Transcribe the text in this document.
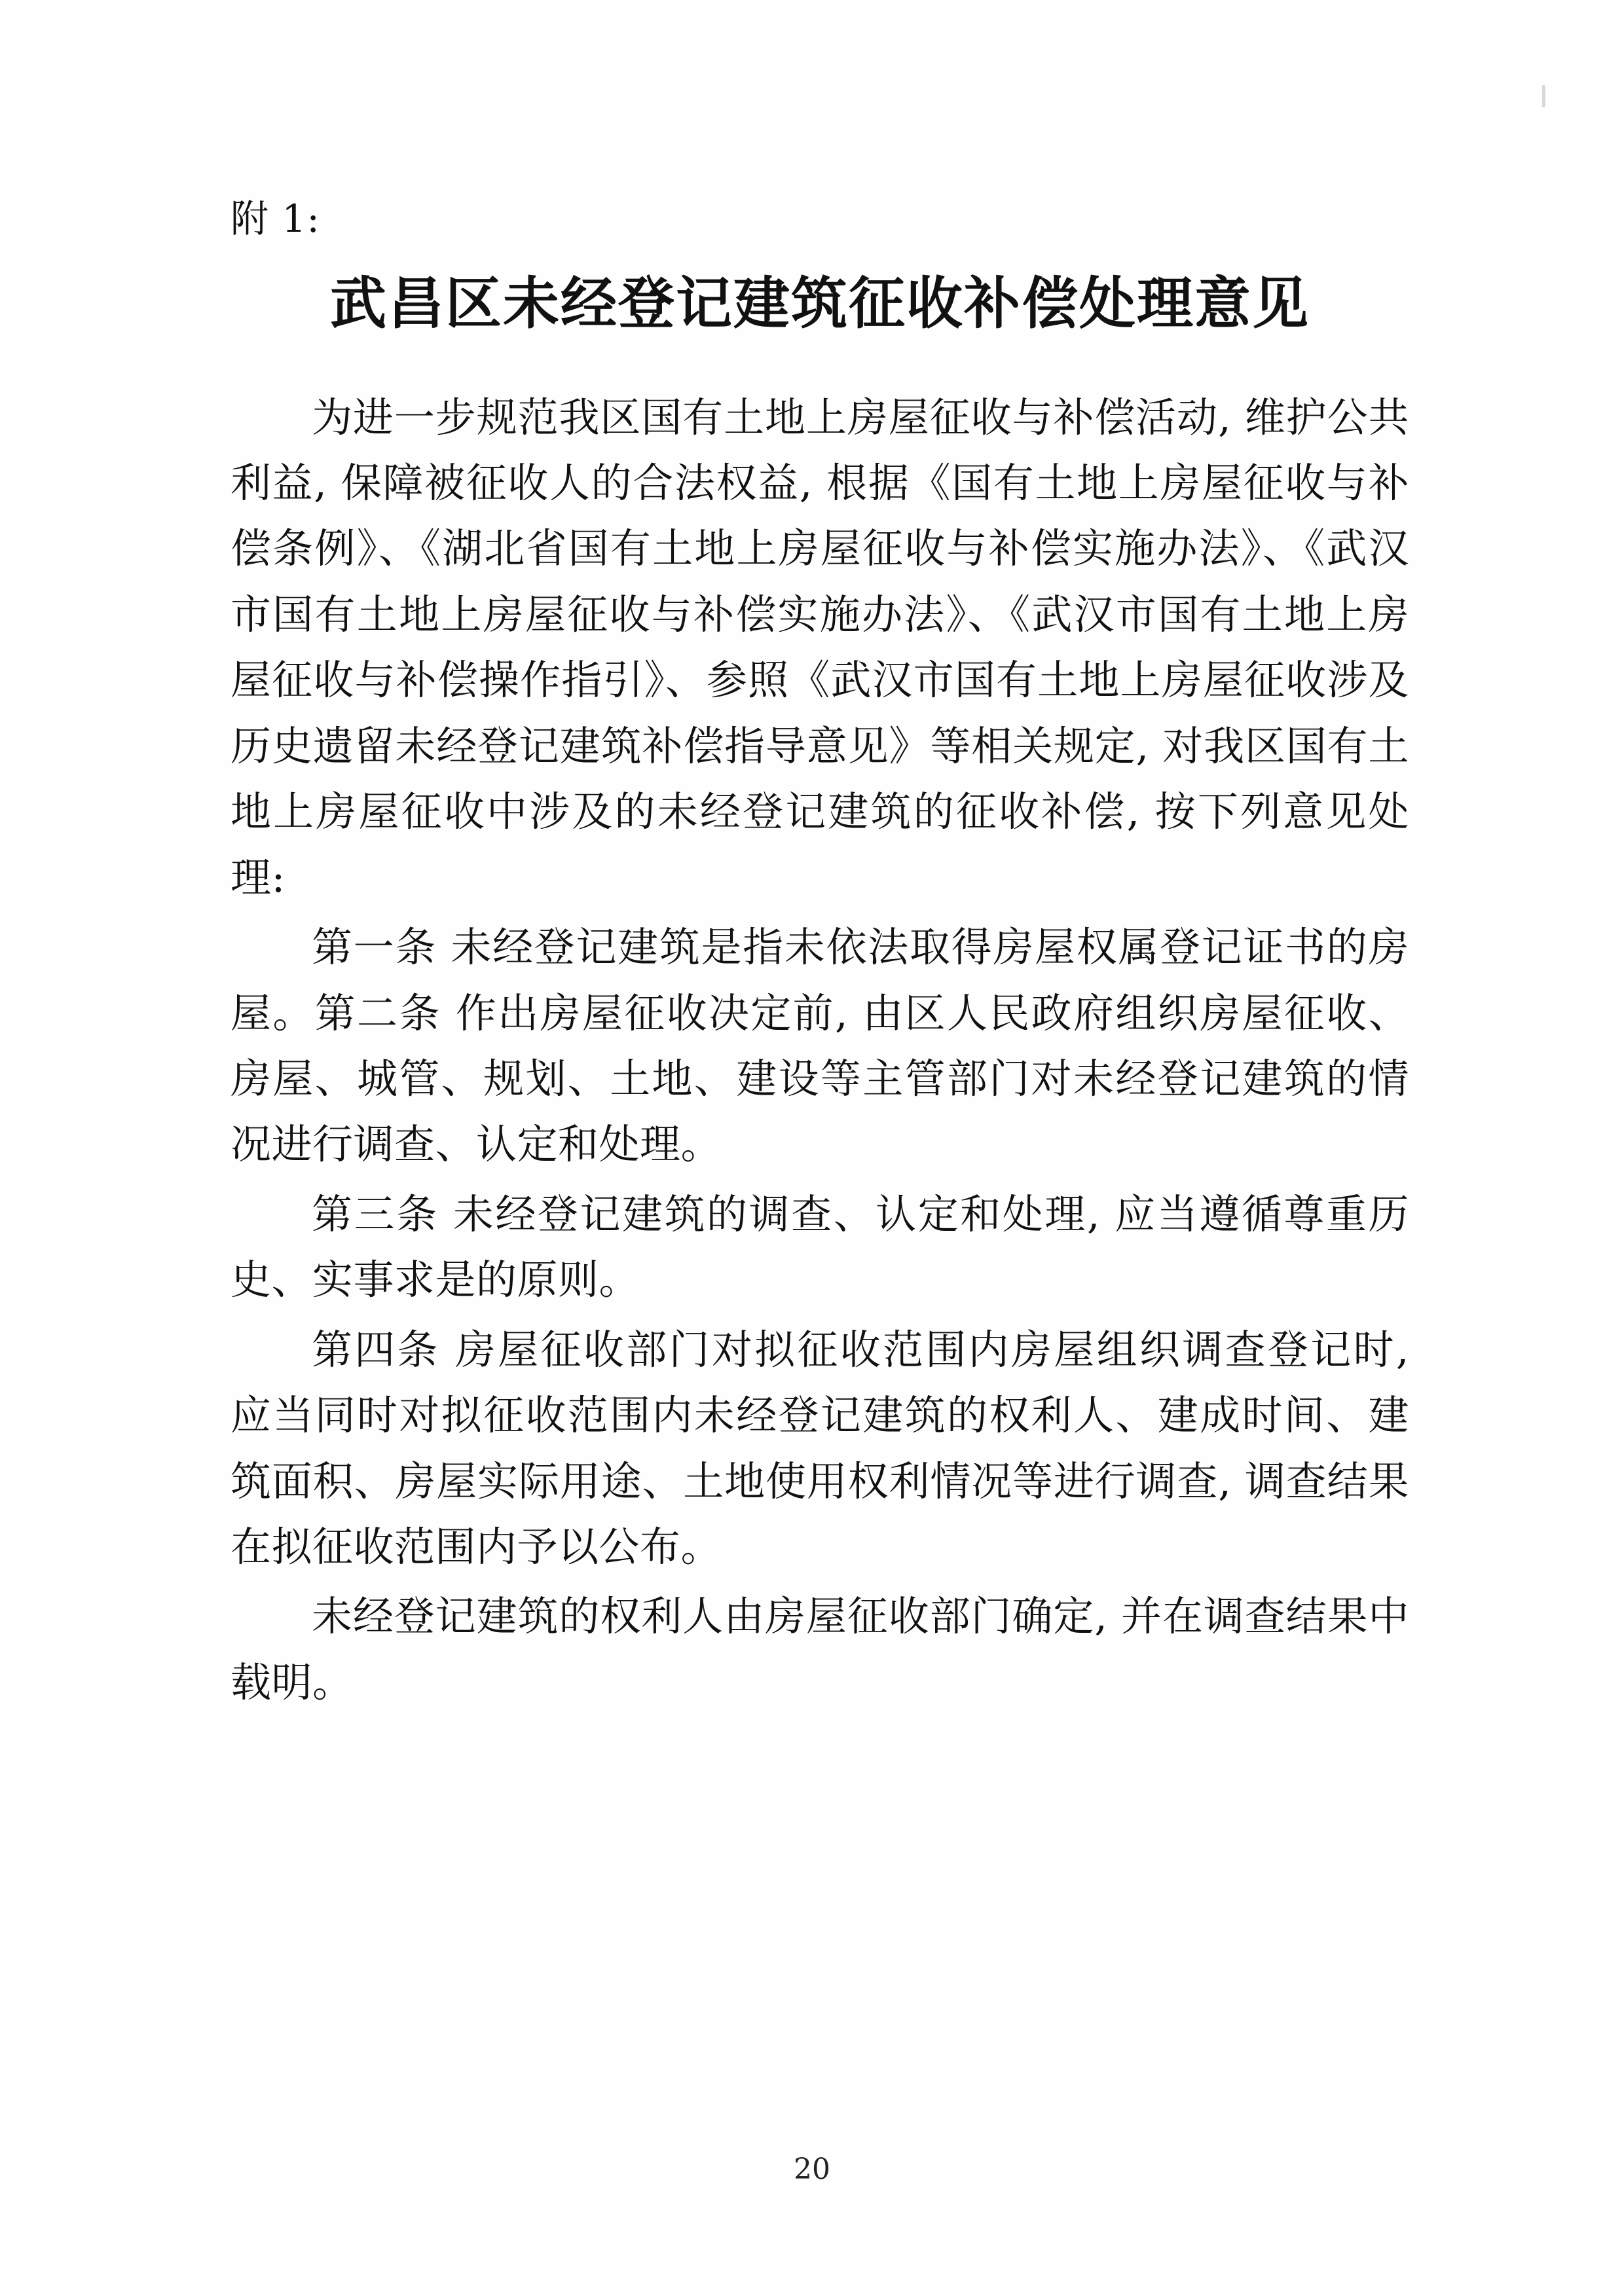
附 1:
武昌区未经登记建筑征收补偿处理意见

为进一步规范我区国有土地上房屋征收与补偿活动, 维护公共利益, 保障被征收人的合法权益, 根据《国有土地上房屋征收与补偿条例》、《湖北省国有土地上房屋征收与补偿实施办法》、《武汉市国有土地上房屋征收与补偿实施办法》、《武汉市国有土地上房屋征收与补偿操作指引》、参照《武汉市国有土地上房屋征收涉及历史遗留未经登记建筑补偿指导意见》等相关规定, 对我区国有土地上房屋征收中涉及的未经登记建筑的征收补偿, 按下列意见处理:

第一条 未经登记建筑是指未依法取得房屋权属登记证书的房屋。第二条 作出房屋征收决定前, 由区人民政府组织房屋征收、房屋、城管、规划、土地、建设等主管部门对未经登记建筑的情况进行调查、认定和处理。

第三条 未经登记建筑的调查、认定和处理, 应当遵循尊重历史、实事求是的原则。

第四条 房屋征收部门对拟征收范围内房屋组织调查登记时, 应当同时对拟征收范围内未经登记建筑的权利人、建成时间、建筑面积、房屋实际用途、土地使用权利情况等进行调查, 调查结果在拟征收范围内予以公布。

未经登记建筑的权利人由房屋征收部门确定, 并在调查结果中载明。

20
